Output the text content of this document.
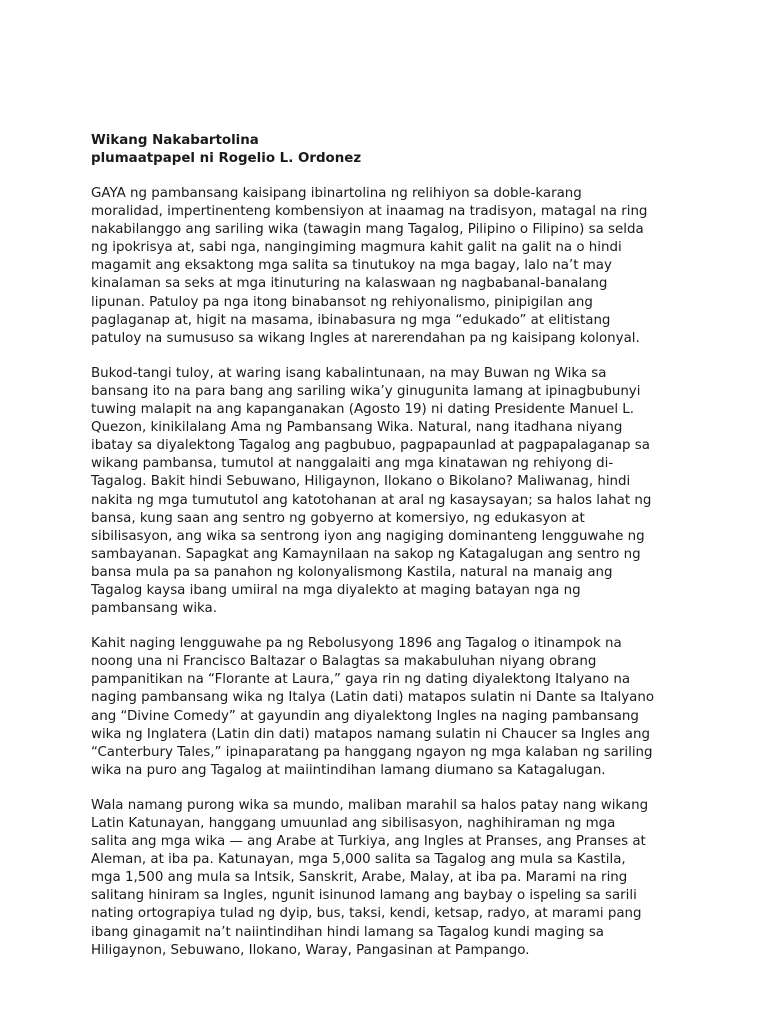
Wikang Nakabartolina
plumaatpapel ni Rogelio L. Ordonez
GAYA ng pambansang kaisipang ibinartolina ng relihiyon sa doble-karang
moralidad, impertinenteng kombensiyon at inaamag na tradisyon, matagal na ring
nakabilanggo ang sariling wika (tawagin mang Tagalog, Pilipino o Filipino) sa selda
ng ipokrisya at, sabi nga, nangingiming magmura kahit galit na galit na o hindi
magamit ang eksaktong mga salita sa tinutukoy na mga bagay, lalo na’t may
kinalaman sa seks at mga itinuturing na kalaswaan ng nagbabanal-banalang
lipunan. Patuloy pa nga itong binabansot ng rehiyonalismo, pinipigilan ang
paglaganap at, higit na masama, ibinabasura ng mga “edukado” at elitistang
patuloy na sumususo sa wikang Ingles at narerendahan pa ng kaisipang kolonyal.
Bukod-tangi tuloy, at waring isang kabalintunaan, na may Buwan ng Wika sa
bansang ito na para bang ang sariling wika’y ginugunita lamang at ipinagbubunyi
tuwing malapit na ang kapanganakan (Agosto 19) ni dating Presidente Manuel L.
Quezon, kinikilalang Ama ng Pambansang Wika. Natural, nang itadhana niyang
ibatay sa diyalektong Tagalog ang pagbubuo, pagpapaunlad at pagpapalaganap sa
wikang pambansa, tumutol at nanggalaiti ang mga kinatawan ng rehiyong di-
Tagalog. Bakit hindi Sebuwano, Hiligaynon, Ilokano o Bikolano? Maliwanag, hindi
nakita ng mga tumututol ang katotohanan at aral ng kasaysayan; sa halos lahat ng
bansa, kung saan ang sentro ng gobyerno at komersiyo, ng edukasyon at
sibilisasyon, ang wika sa sentrong iyon ang nagiging dominanteng lengguwahe ng
sambayanan. Sapagkat ang Kamaynilaan na sakop ng Katagalugan ang sentro ng
bansa mula pa sa panahon ng kolonyalismong Kastila, natural na manaig ang
Tagalog kaysa ibang umiiral na mga diyalekto at maging batayan nga ng
pambansang wika.
Kahit naging lengguwahe pa ng Rebolusyong 1896 ang Tagalog o itinampok na
noong una ni Francisco Baltazar o Balagtas sa makabuluhan niyang obrang
pampanitikan na “Florante at Laura,” gaya rin ng dating diyalektong Italyano na
naging pambansang wika ng Italya (Latin dati) matapos sulatin ni Dante sa Italyano
ang “Divine Comedy” at gayundin ang diyalektong Ingles na naging pambansang
wika ng Inglatera (Latin din dati) matapos namang sulatin ni Chaucer sa Ingles ang
“Canterbury Tales,” ipinaparatang pa hanggang ngayon ng mga kalaban ng sariling
wika na puro ang Tagalog at maiintindihan lamang diumano sa Katagalugan.
Wala namang purong wika sa mundo, maliban marahil sa halos patay nang wikang
Latin Katunayan, hanggang umuunlad ang sibilisasyon, naghihiraman ng mga
salita ang mga wika — ang Arabe at Turkiya, ang Ingles at Pranses, ang Pranses at
Aleman, at iba pa. Katunayan, mga 5,000 salita sa Tagalog ang mula sa Kastila,
mga 1,500 ang mula sa Intsik, Sanskrit, Arabe, Malay, at iba pa. Marami na ring
salitang hiniram sa Ingles, ngunit isinunod lamang ang baybay o ispeling sa sarili
nating ortograpiya tulad ng dyip, bus, taksi, kendi, ketsap, radyo, at marami pang
ibang ginagamit na’t naiintindihan hindi lamang sa Tagalog kundi maging sa
Hiligaynon, Sebuwano, Ilokano, Waray, Pangasinan at Pampango.
